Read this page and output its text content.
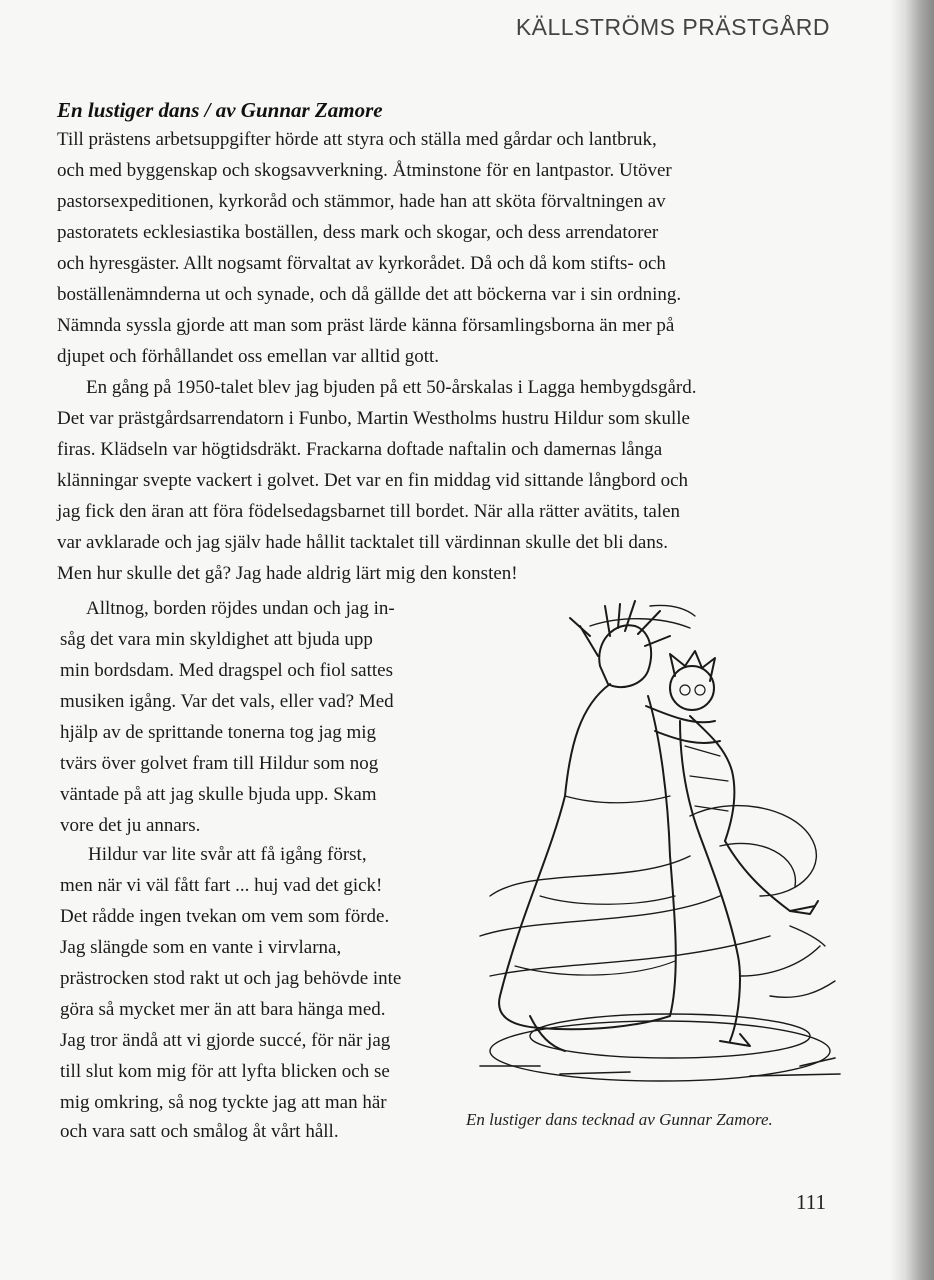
KÄLLSTRÖMS PRÄSTGÅRD
En lustiger dans / av Gunnar Zamore
Till prästens arbetsuppgifter hörde att styra och ställa med gårdar och lantbruk,
och med byggenskap och skogsavverkning. Åtminstone för en lantpastor. Utöver
pastorsexpeditionen, kyrkoråd och stämmor, hade han att sköta förvaltningen av
pastoratets ecklesiastika boställen, dess mark och skogar, och dess arrendatorer
och hyresgäster. Allt nogsamt förvaltat av kyrkorådet. Då och då kom stifts- och
boställenämnderna ut och synade, och då gällde det att böckerna var i sin ordning.
Nämnda syssla gjorde att man som präst lärde känna församlingsborna än mer på
djupet och förhållandet oss emellan var alltid gott.
En gång på 1950-talet blev jag bjuden på ett 50-årskalas i Lagga hembygdsgård.
Det var prästgårdsarrendatorn i Funbo, Martin Westholms hustru Hildur som skulle
firas. Klädseln var högtidsdräkt. Frackarna doftade naftalin och damernas långa
klänningar svepte vackert i golvet. Det var en fin middag vid sittande långbord och
jag fick den äran att föra födelsedagsbarnet till bordet. När alla rätter avätits, talen
var avklarade och jag själv hade hållit tacktalet till värdinnan skulle det bli dans.
Men hur skulle det gå? Jag hade aldrig lärt mig den konsten!
Alltnog, borden röjdes undan och jag in-
såg det vara min skyldighet att bjuda upp
min bordsdam. Med dragspel och fiol sattes
musiken igång. Var det vals, eller vad? Med
hjälp av de sprittande tonerna tog jag mig
tvärs över golvet fram till Hildur som nog
väntade på att jag skulle bjuda upp. Skam
vore det ju annars.
Hildur var lite svår att få igång först,
men när vi väl fått fart ... huj vad det gick!
Det rådde ingen tvekan om vem som förde.
Jag slängde som en vante i virvlarna,
prästrocken stod rakt ut och jag behövde inte
göra så mycket mer än att bara hänga med.
Jag tror ändå att vi gjorde succé, för när jag
till slut kom mig för att lyfta blicken och se
mig omkring, så nog tyckte jag att man här
och vara satt och smålog åt vårt håll.
En lustiger dans tecknad av Gunnar Zamore.
111
